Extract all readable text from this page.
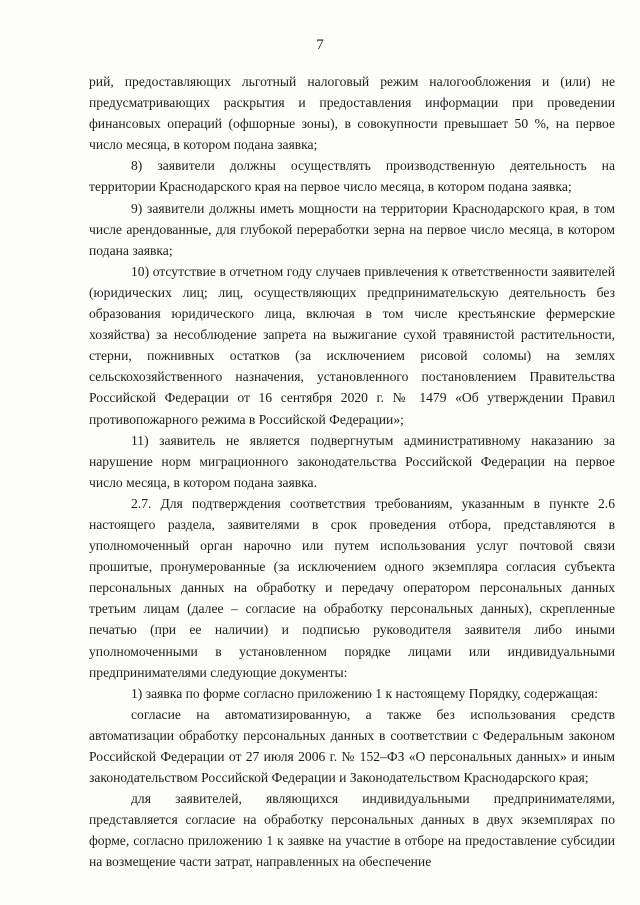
7

рий, предоставляющих льготный налоговый режим налогообложения и (или) не предусматривающих раскрытия и предоставления информации при проведении финансовых операций (офшорные зоны), в совокупности превышает 50 %, на первое число месяца, в котором подана заявка;

8) заявители должны осуществлять производственную деятельность на территории Краснодарского края на первое число месяца, в котором подана заявка;

9) заявители должны иметь мощности на территории Краснодарского края, в том числе арендованные, для глубокой переработки зерна на первое число месяца, в котором подана заявка;

10) отсутствие в отчетном году случаев привлечения к ответственности заявителей (юридических лиц; лиц, осуществляющих предпринимательскую деятельность без образования юридического лица, включая в том числе крестьянские фермерские хозяйства) за несоблюдение запрета на выжигание сухой травянистой растительности, стерни, пожнивных остатков (за исключением рисовой соломы) на землях сельскохозяйственного назначения, установленного постановлением Правительства Российской Федерации от 16 сентября 2020 г. № 1479 «Об утверждении Правил противопожарного режима в Российской Федерации»;

11) заявитель не является подвергнутым административному наказанию за нарушение норм миграционного законодательства Российской Федерации на первое число месяца, в котором подана заявка.

2.7. Для подтверждения соответствия требованиям, указанным в пункте 2.6 настоящего раздела, заявителями в срок проведения отбора, представляются в уполномоченный орган нарочно или путем использования услуг почтовой связи прошитые, пронумерованные (за исключением одного экземпляра согласия субъекта персональных данных на обработку и передачу оператором персональных данных третьим лицам (далее – согласие на обработку персональных данных), скрепленные печатью (при ее наличии) и подписью руководителя заявителя либо иными уполномоченными в установленном порядке лицами или индивидуальными предпринимателями следующие документы:

1) заявка по форме согласно приложению 1 к настоящему Порядку, содержащая:

согласие на автоматизированную, а также без использования средств автоматизации обработку персональных данных в соответствии с Федеральным законом Российской Федерации от 27 июля 2006 г. № 152–ФЗ «О персональных данных» и иным законодательством Российской Федерации и Законодательством Краснодарского края;

для заявителей, являющихся индивидуальными предпринимателями, представляется согласие на обработку персональных данных в двух экземплярах по форме, согласно приложению 1 к заявке на участие в отборе на предоставление субсидии на возмещение части затрат, направленных на обеспечение
